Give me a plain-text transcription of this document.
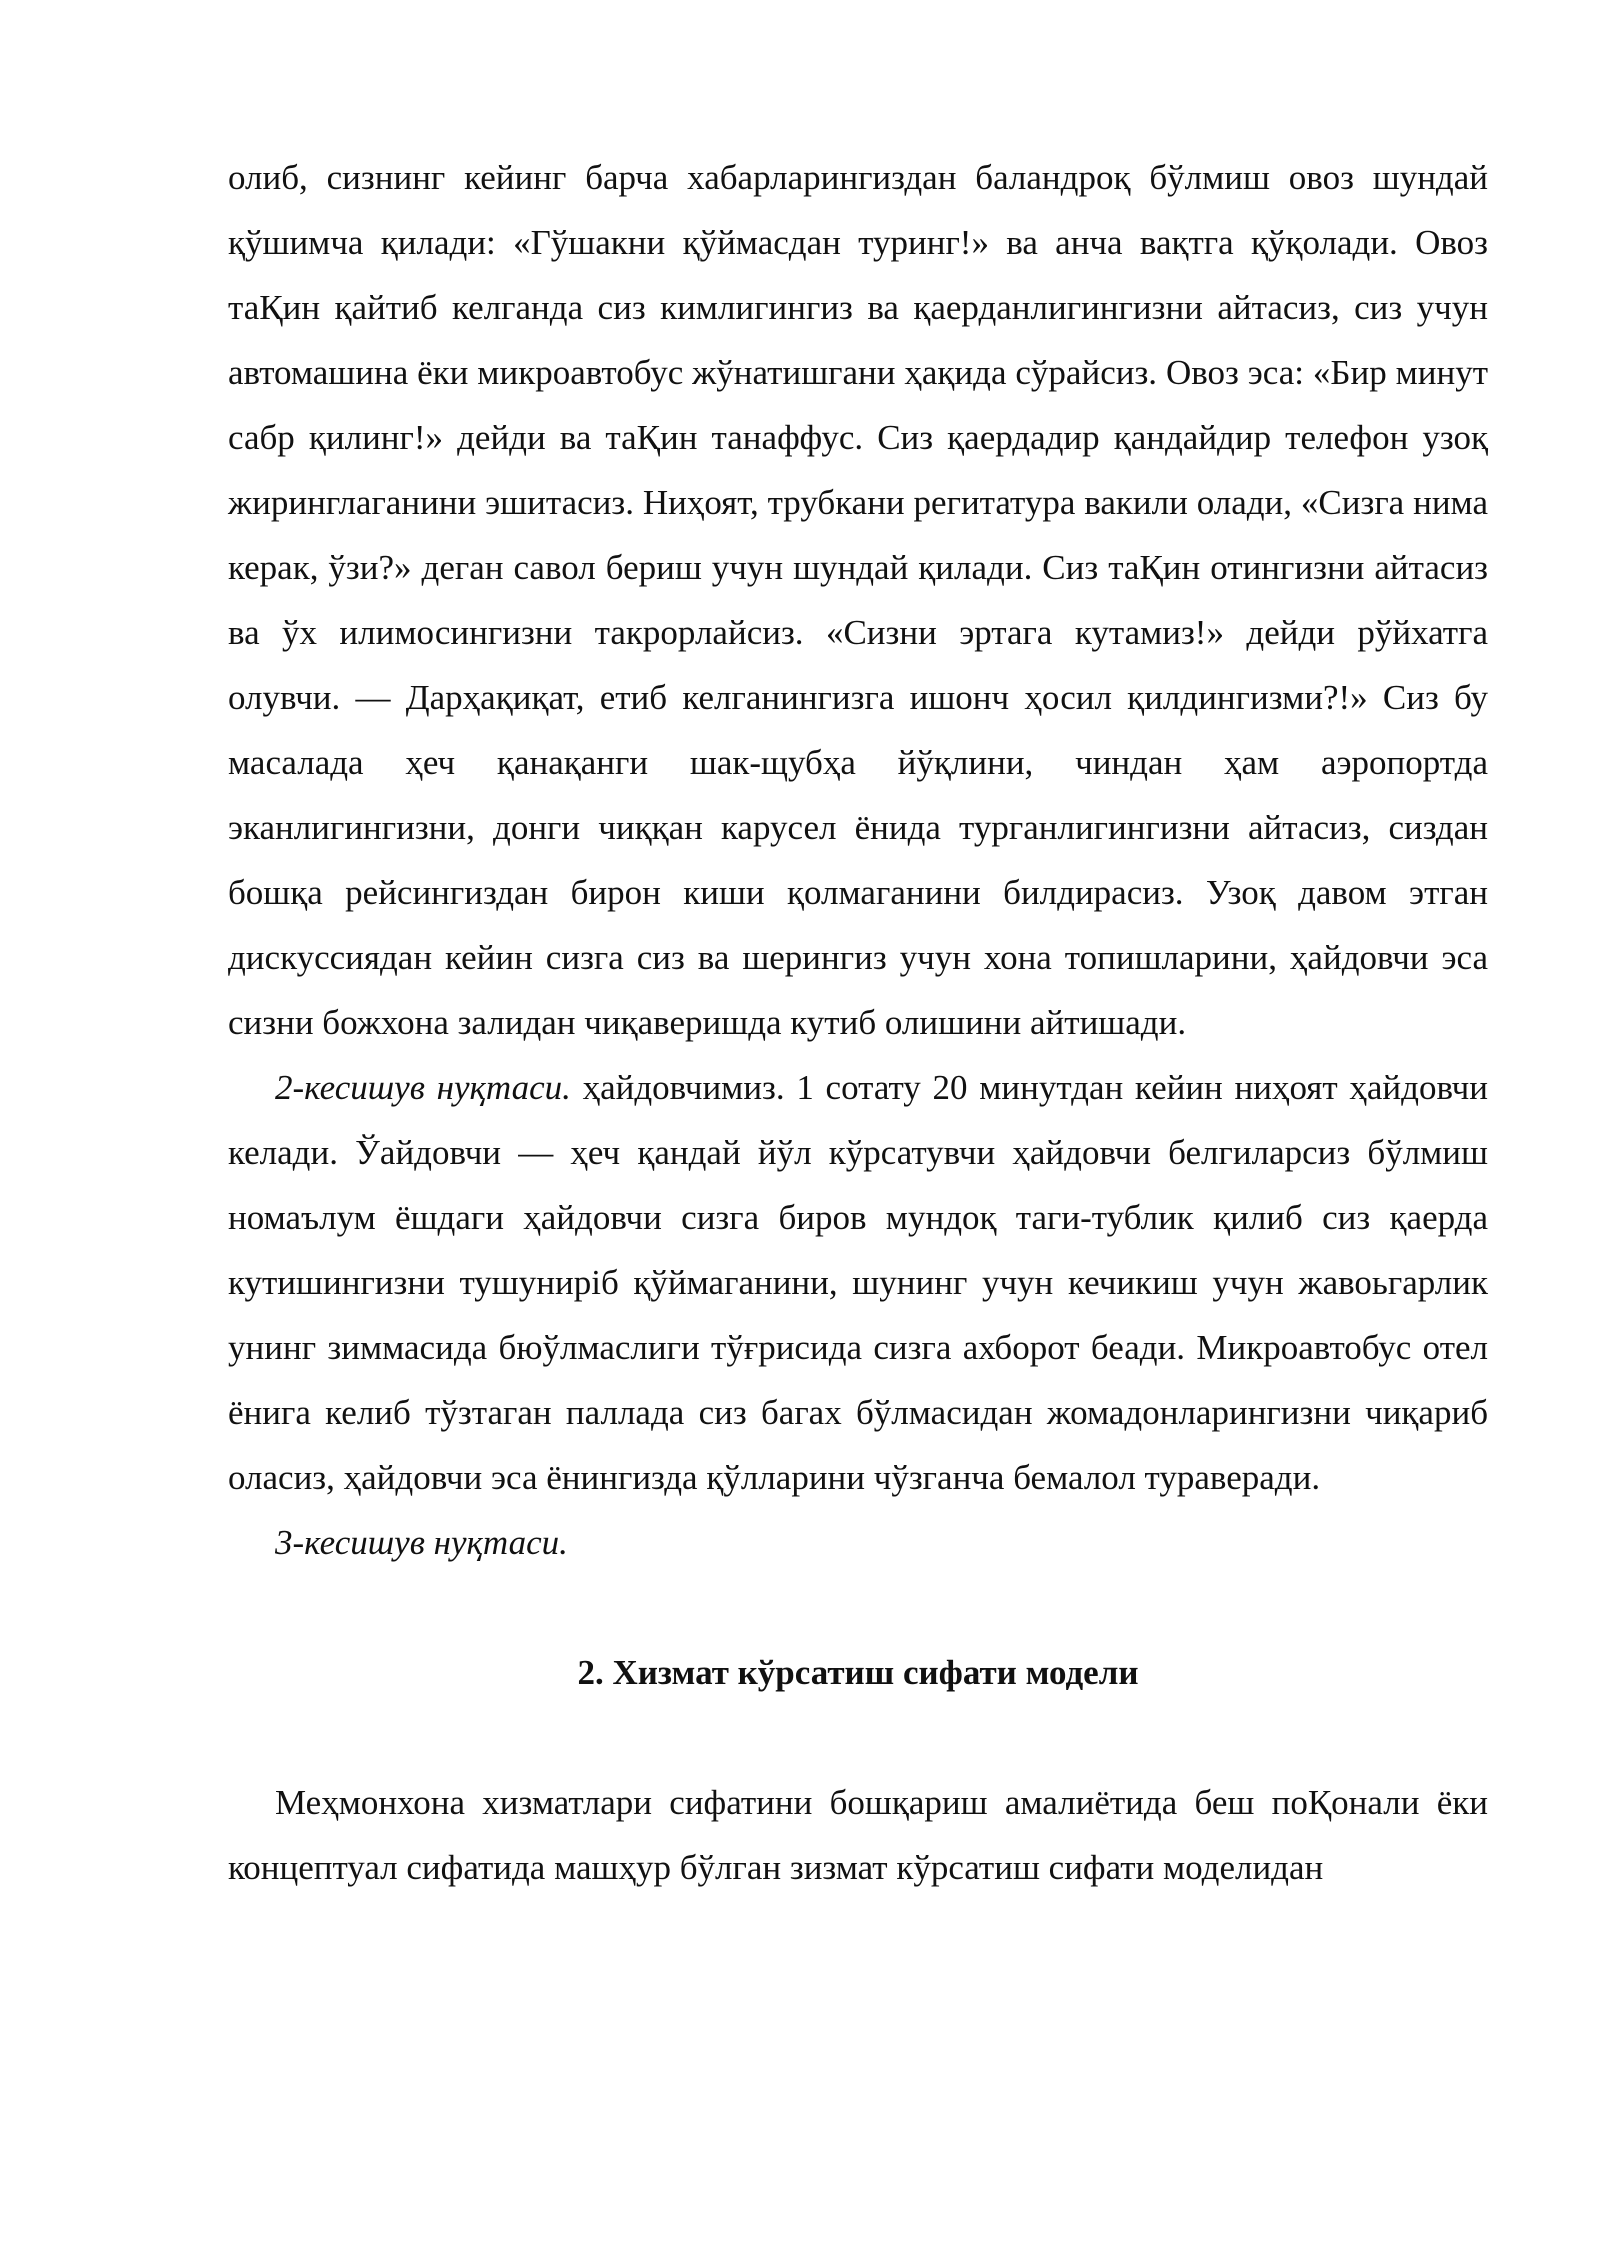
олиб, сизнинг кейинг барча хабарларингиздан баландроқ бўлмиш овоз шундай қўшимча қилади: «Гўшакни қўймасдан туринг!» ва анча вақтга қўқолади. Овоз таҚин қайтиб келганда сиз кимлигингиз ва қаерданлигингизни айтасиз, сиз учун автомашина ёки микроавтобус жўнатишгани ҳақида сўрайсиз. Овоз эса: «Бир минут сабр қилинг!» дейди ва таҚин танаффус. Сиз қаердадир қандайдир телефон узоқ жиринглаганини эшитасиз. Ниҳоят, трубкани регитатура вакили олади, «Сизга нима керак, ўзи?» деган савол бериш учун шундай қилади. Сиз таҚин отингизни айтасиз ва ўх илимосингизни такрорлайсиз. «Сизни эртага кутамиз!» дейди рўйхатга олувчи. — Дарҳақиқат, етиб келганингизга ишонч ҳосил қилдингизми?!» Сиз бу масалада ҳеч қанақанги шак-щубҳа йўқлини, чиндан ҳам аэропортда эканлигингизни, донги чиққан карусел ёнида турганлигингизни айтасиз, сиздан бошқа рейсингиздан бирон киши қолмаганини билдирасиз. Узоқ давом этган дискуссиядан кейин сизга сиз ва шерингиз учун хона топишларини, ҳайдовчи эса сизни божхона залидан чиқаверишда кутиб олишини айтишади.

2-кесишув нуқтаси. ҳайдовчимиз. 1 сотату 20 минутдан кейин ниҳоят ҳайдовчи келади. Ўайдовчи — ҳеч қандай йўл кўрсатувчи ҳайдовчи белгиларсиз бўлмиш номаълум ёшдаги ҳайдовчи сизга биров мундоқ таги-тублик қилиб сиз қаерда кутишингизни тушуниріб қўймаганини, шунинг учун кечикиш учун жавоьгарлик унинг зиммасида бюўлмаслиги тўғрисида сизга ахборот беади. Микроавтобус отел ёнига келиб тўзтаган паллада сиз багах бўлмасидан жомадонларингизни чиқариб оласиз, ҳайдовчи эса ёнингизда қўлларини чўзганча бемалол тураверади.

3-кесишув нуқтаси.

2. Хизмат кўрсатиш сифати модели

Меҳмонхона хизматлари сифатини бошқариш амалиётида беш поҚонали ёки концептуал сифатида машҳур бўлган зизмат кўрсатиш сифати моделидан
